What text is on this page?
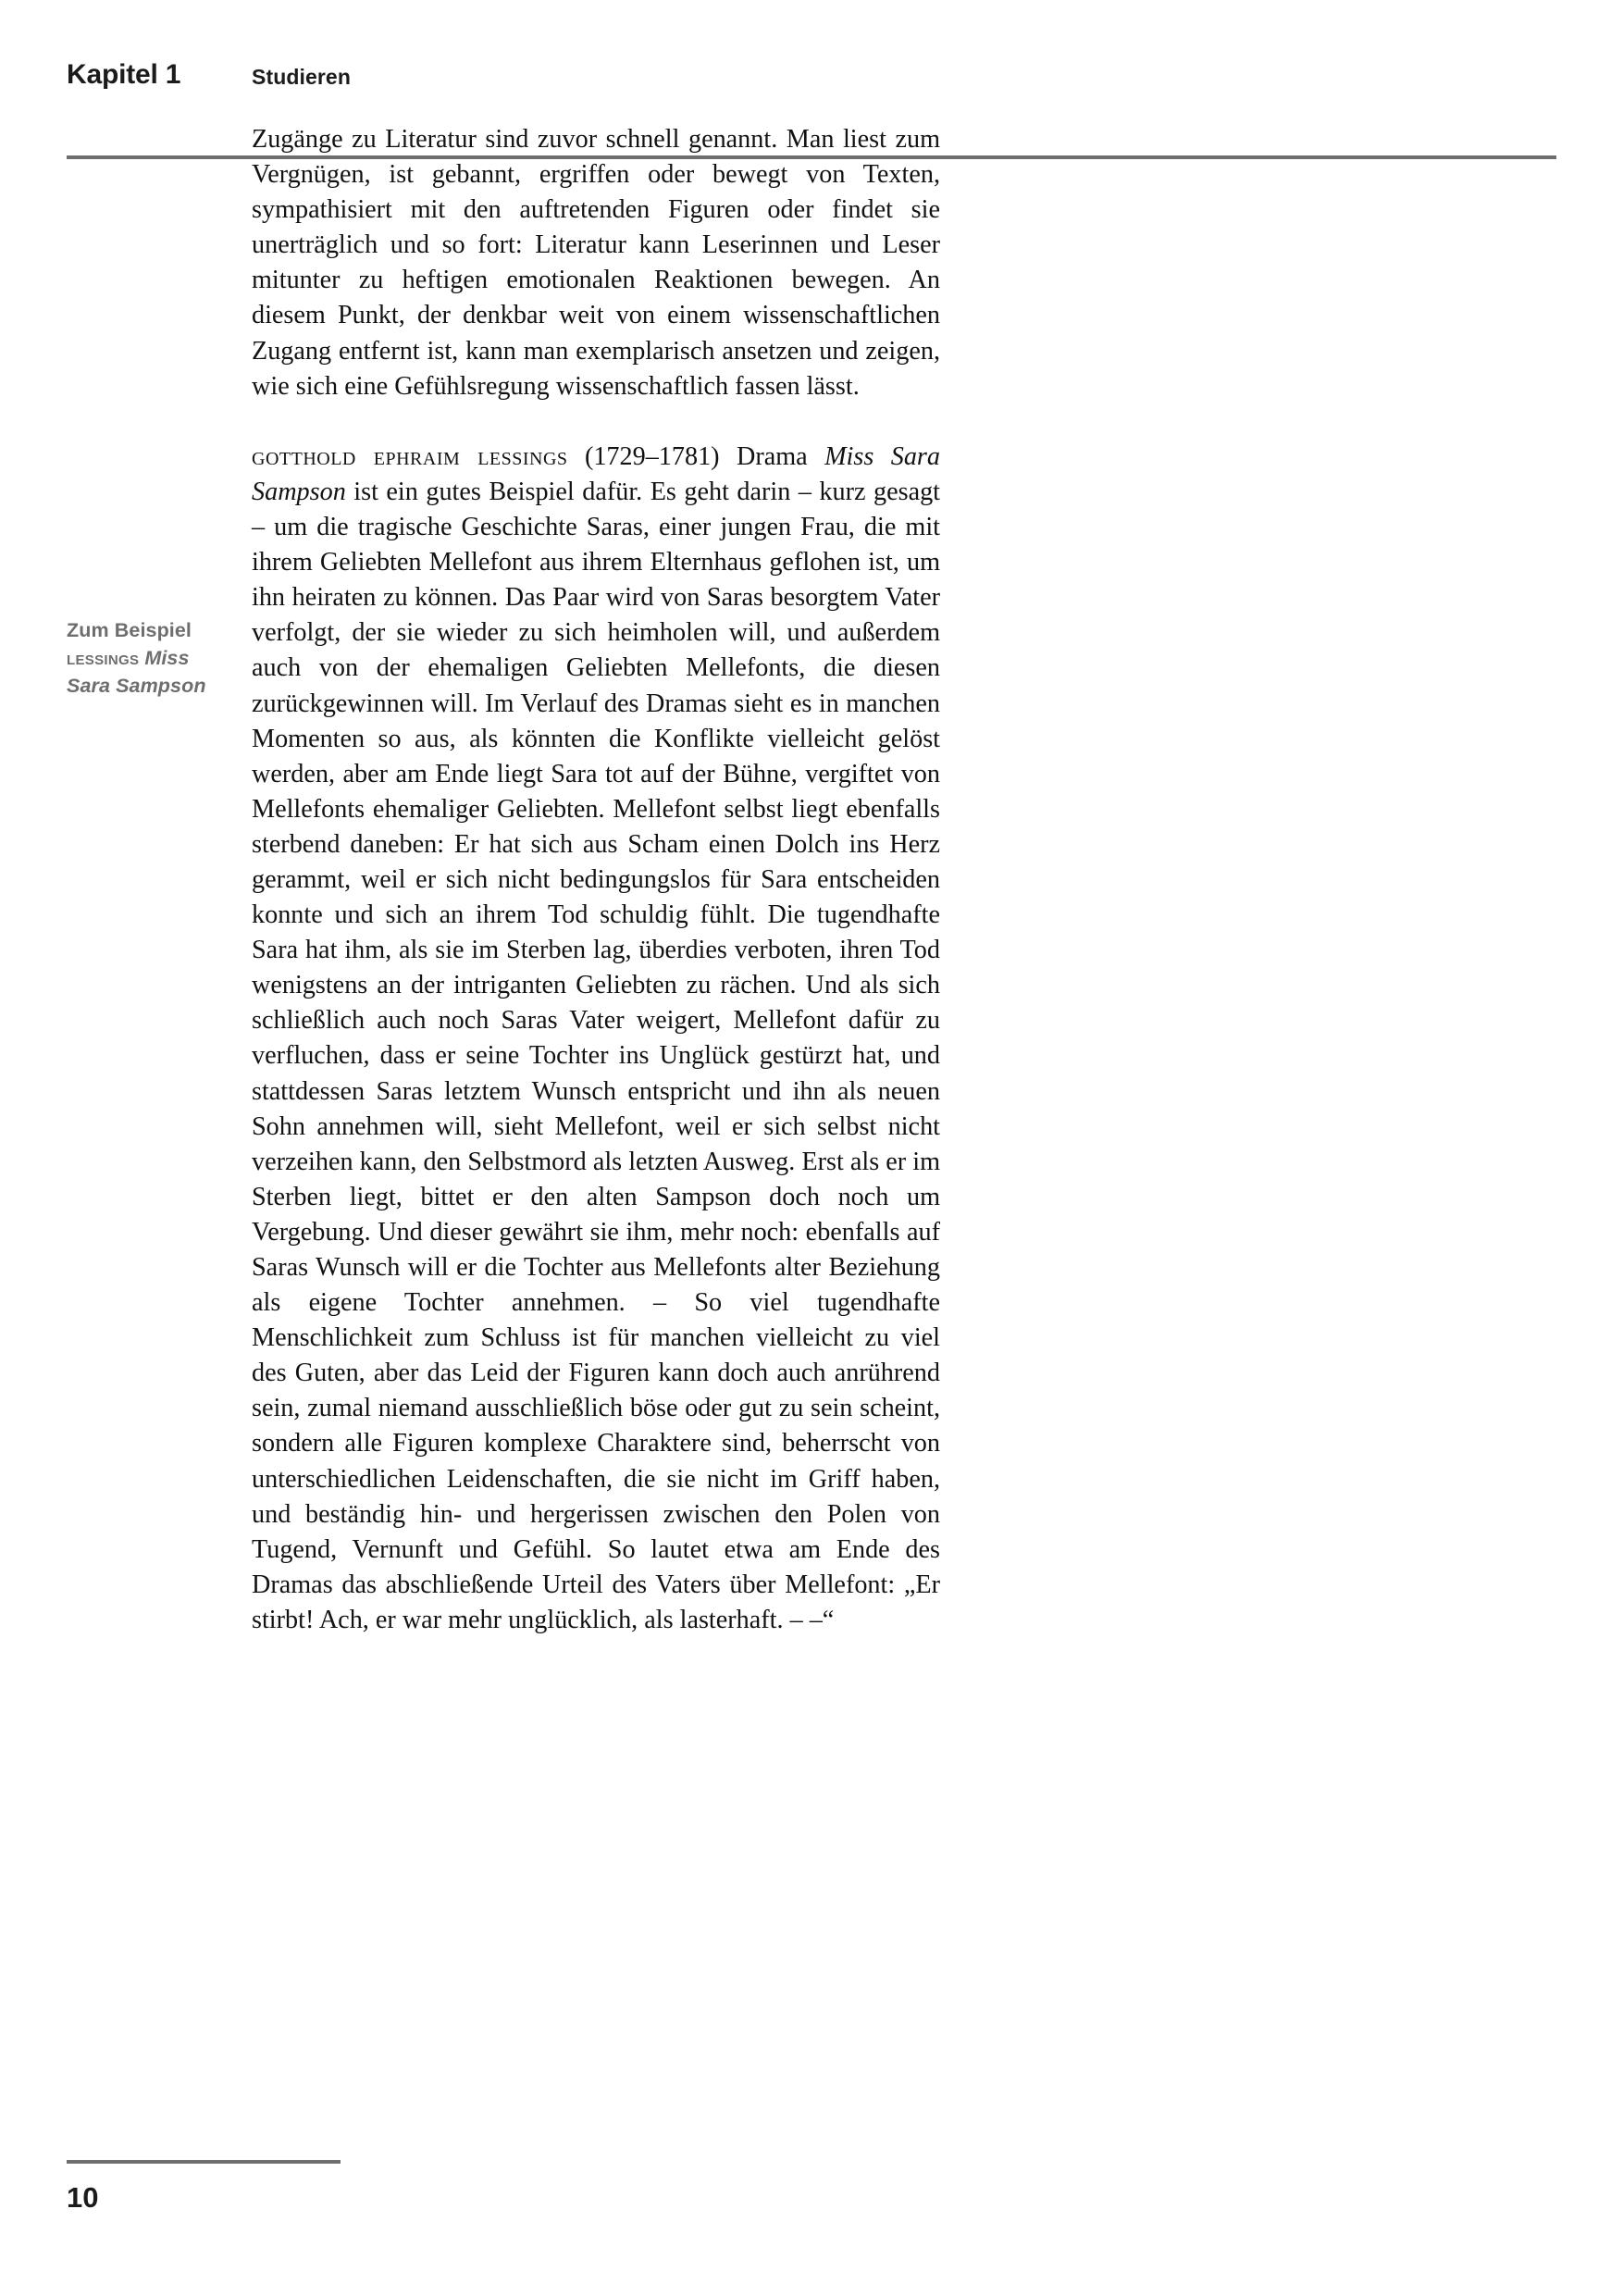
Kapitel 1	Studieren
Zum Beispiel
lessings Miss
Sara Sampson

Zugänge zu Literatur sind zuvor schnell genannt. Man liest zum Vergnügen, ist gebannt, ergriffen oder bewegt von Texten, sympathisiert mit den auftretenden Figuren oder findet sie unerträglich und so fort: Literatur kann Leserinnen und Leser mitunter zu heftigen emotionalen Reaktionen bewegen. An diesem Punkt, der denkbar weit von einem wissenschaftlichen Zugang entfernt ist, kann man exemplarisch ansetzen und zeigen, wie sich eine Gefühlsregung wissenschaftlich fassen lässt.

gotthold ephraim lessings (1729–1781) Drama Miss Sara Sampson ist ein gutes Beispiel dafür. Es geht darin – kurz gesagt – um die tragische Geschichte Saras, einer jungen Frau, die mit ihrem Geliebten Mellefont aus ihrem Elternhaus geflohen ist, um ihn heiraten zu können. Das Paar wird von Saras besorgtem Vater verfolgt, der sie wieder zu sich heimholen will, und außerdem auch von der ehemaligen Geliebten Mellefonts, die diesen zurückgewinnen will. Im Verlauf des Dramas sieht es in manchen Momenten so aus, als könnten die Konflikte vielleicht gelöst werden, aber am Ende liegt Sara tot auf der Bühne, vergiftet von Mellefonts ehemaliger Geliebten. Mellefont selbst liegt ebenfalls sterbend daneben: Er hat sich aus Scham einen Dolch ins Herz gerammt, weil er sich nicht bedingungslos für Sara entscheiden konnte und sich an ihrem Tod schuldig fühlt. Die tugendhafte Sara hat ihm, als sie im Sterben lag, überdies verboten, ihren Tod wenigstens an der intriganten Geliebten zu rächen. Und als sich schließlich auch noch Saras Vater weigert, Mellefont dafür zu verfluchen, dass er seine Tochter ins Unglück gestürzt hat, und stattdessen Saras letztem Wunsch entspricht und ihn als neuen Sohn annehmen will, sieht Mellefont, weil er sich selbst nicht verzeihen kann, den Selbstmord als letzten Ausweg. Erst als er im Sterben liegt, bittet er den alten Sampson doch noch um Vergebung. Und dieser gewährt sie ihm, mehr noch: ebenfalls auf Saras Wunsch will er die Tochter aus Mellefonts alter Beziehung als eigene Tochter annehmen. – So viel tugendhafte Menschlichkeit zum Schluss ist für manchen vielleicht zu viel des Guten, aber das Leid der Figuren kann doch auch anrührend sein, zumal niemand ausschließlich böse oder gut zu sein scheint, sondern alle Figuren komplexe Charaktere sind, beherrscht von unterschiedlichen Leidenschaften, die sie nicht im Griff haben, und beständig hin- und hergerissen zwischen den Polen von Tugend, Vernunft und Gefühl. So lautet etwa am Ende des Dramas das abschließende Urteil des Vaters über Mellefont: „Er stirbt! Ach, er war mehr unglücklich, als lasterhaft. – –“

10
